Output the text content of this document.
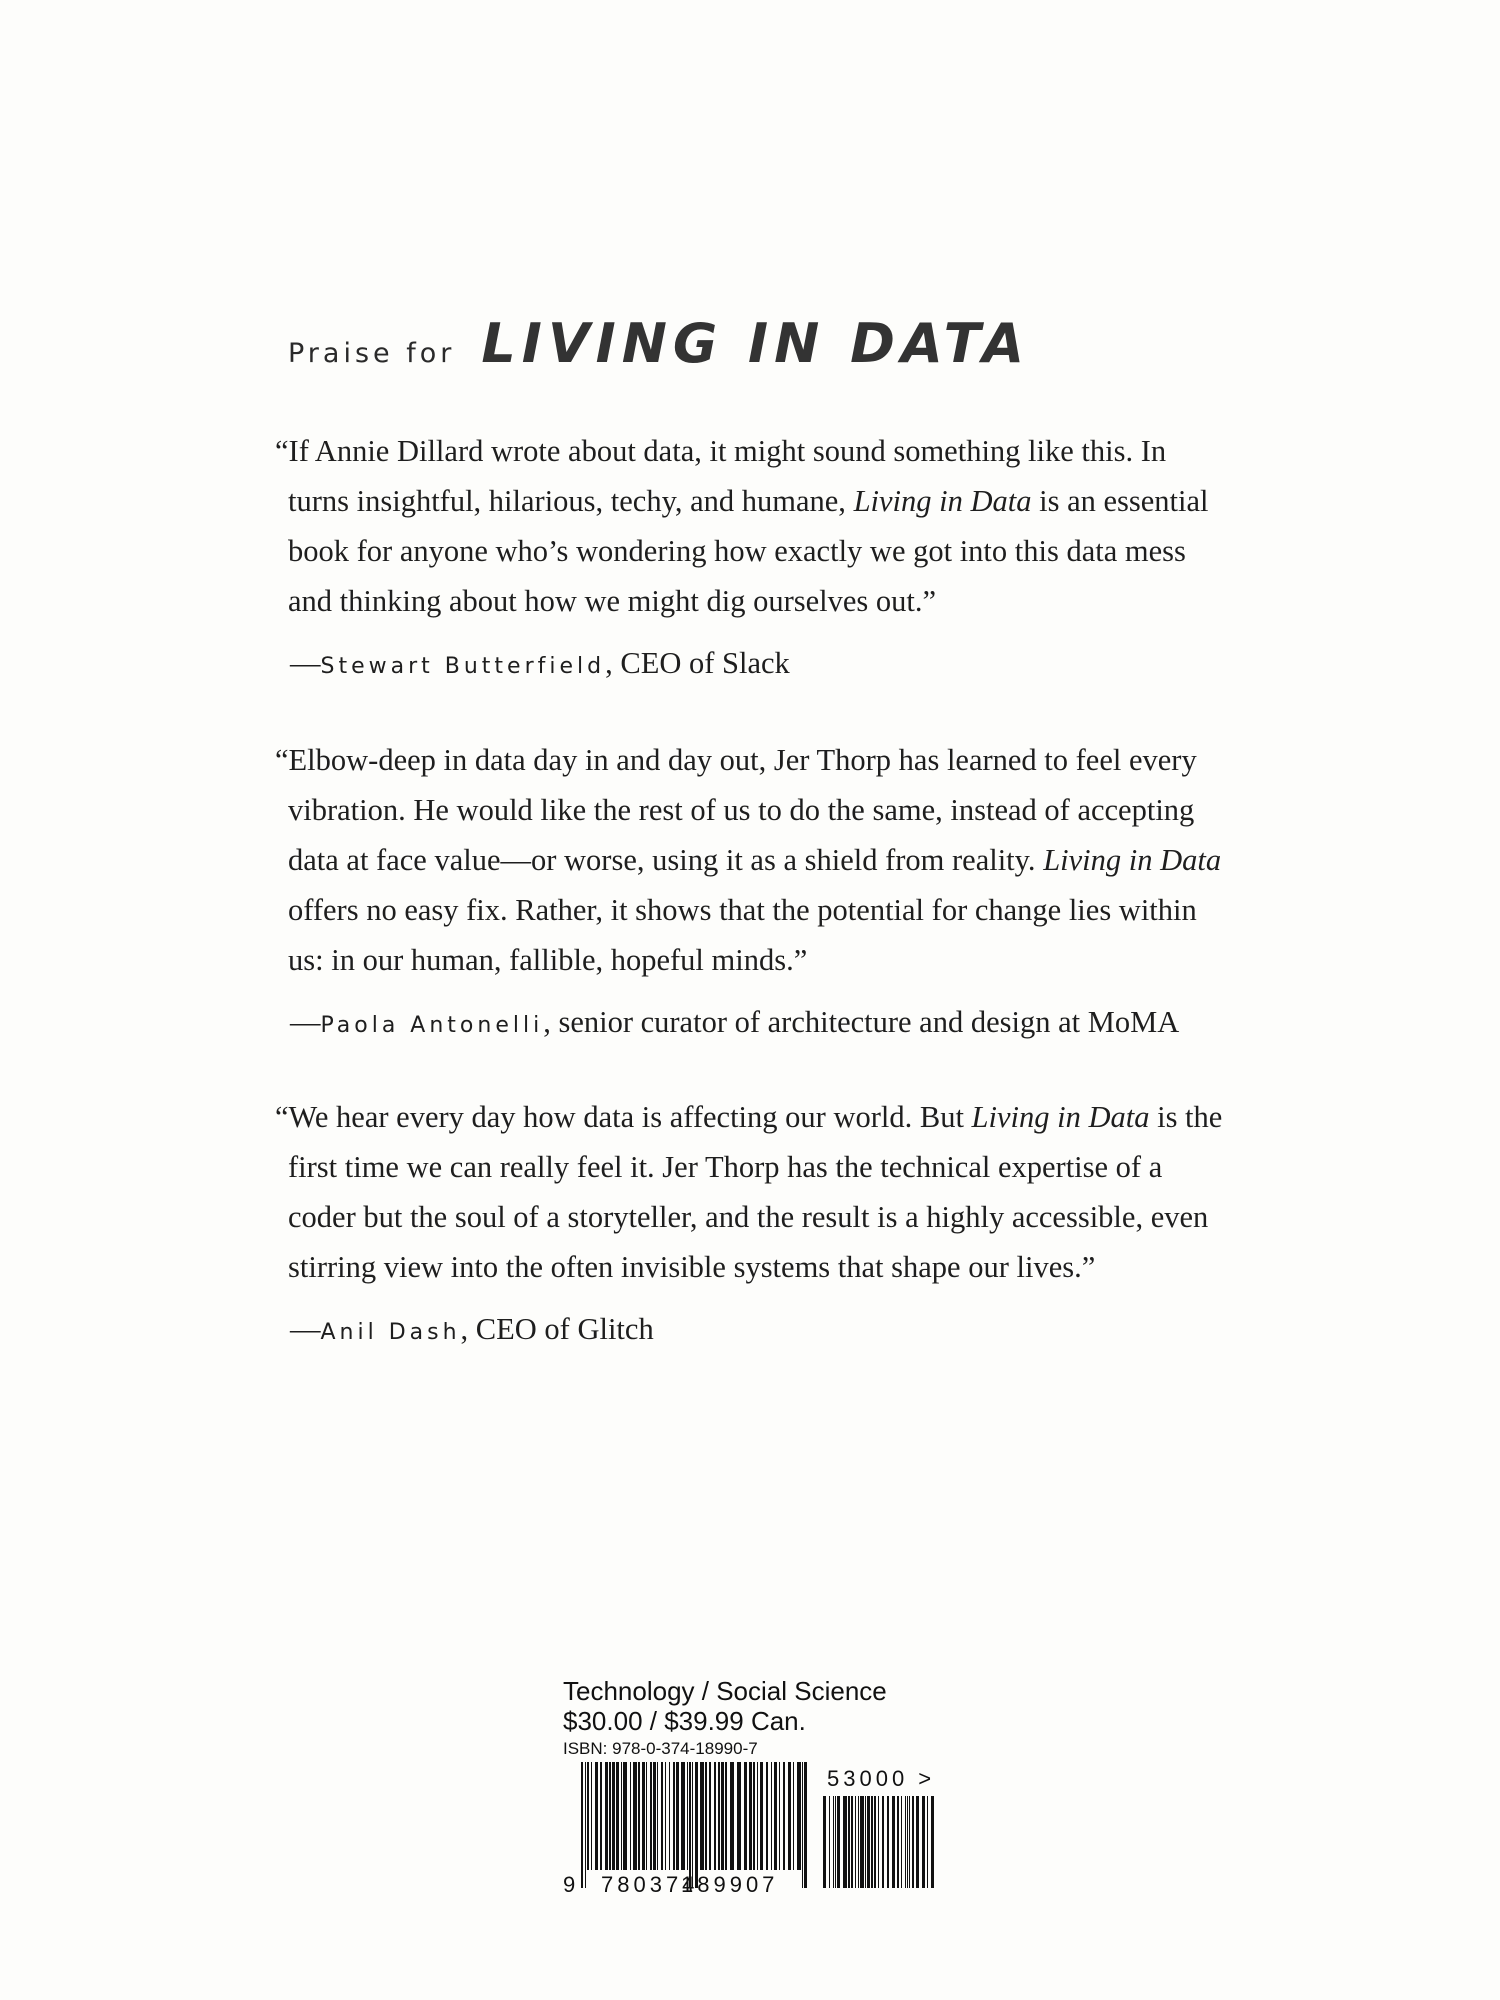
Praise for LIVING IN DATA

“If Annie Dillard wrote about data, it might sound something like this. In turns insightful, hilarious, techy, and humane, Living in Data is an essential book for anyone who’s wondering how exactly we got into this data mess and thinking about how we might dig ourselves out.”

—Stewart Butterfield, CEO of Slack

“Elbow-deep in data day in and day out, Jer Thorp has learned to feel every vibration. He would like the rest of us to do the same, instead of accepting data at face value—or worse, using it as a shield from reality. Living in Data offers no easy fix. Rather, it shows that the potential for change lies within us: in our human, fallible, hopeful minds.”

—Paola Antonelli, senior curator of architecture and design at MoMA

“We hear every day how data is affecting our world. But Living in Data is the first time we can really feel it. Jer Thorp has the technical expertise of a coder but the soul of a storyteller, and the result is a highly accessible, even stirring view into the often invisible systems that shape our lives.”

—Anil Dash, CEO of Glitch
Technology / Social Science
$30.00 / $39.99 Can.
ISBN: 978-0-374-18990-7
9 780374
189907
53000 >
